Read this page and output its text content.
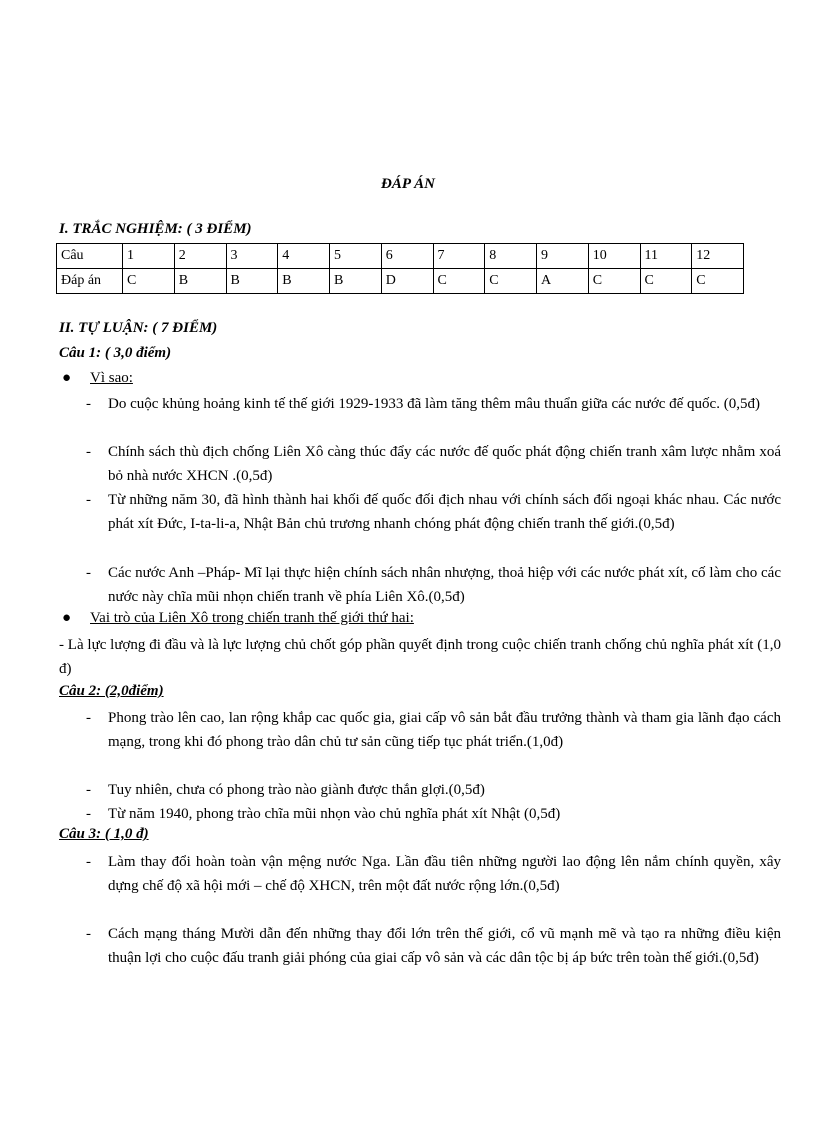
ĐÁP ÁN
I. TRẮC NGHIỆM: ( 3 ĐIỂM)
Câu	1	2	3	4	5	6	7	8	9	10	11	12
Đáp án	C	B	B	B	B	D	C	C	A	C	C	C
II. TỰ LUẬN: ( 7 ĐIỂM)
Câu 1: ( 3,0 điểm)
● Vì sao:
-	Do cuộc khủng hoảng kinh tế thế giới 1929-1933 đã làm tăng thêm mâu thuẩn giữa các nước đế quốc. (0,5đ)
-	Chính sách thù địch chống Liên Xô càng thúc đẩy các nước đế quốc phát động chiến tranh xâm lược nhằm xoá bỏ nhà nước XHCN .(0,5đ)
-	Từ những năm 30, đã hình thành hai khối đế quốc đối địch nhau với chính sách đối ngoại khác nhau. Các nước phát xít Đức, I-ta-li-a, Nhật Bản chủ trương nhanh chóng phát động chiến tranh thế giới.(0,5đ)
-	Các nước Anh –Pháp- Mĩ lại thực hiện chính sách nhân nhượng, thoả hiệp với các nước phát xít, cố làm cho các nước này chĩa mũi nhọn chiến tranh về phía Liên Xô.(0,5đ)
● Vai trò của Liên Xô trong chiến tranh thế giới thứ hai:
- Là lực lượng đi đầu và là lực lượng chủ chốt góp phần quyết định trong cuộc chiến tranh chống chủ nghĩa phát xít (1,0 đ)
Câu 2: (2,0điểm)
-	Phong trào lên cao, lan rộng khắp cac quốc gia, giai cấp vô sản bắt đầu trưởng thành và tham gia lãnh đạo cách mạng, trong khi đó phong trào dân chủ tư sản cũng tiếp tục phát triển.(1,0đ)
-	Tuy nhiên, chưa có phong trào nào giành được thắn glợi.(0,5đ)
-	Từ năm 1940, phong trào chĩa mũi nhọn vào chủ nghĩa phát xít Nhật (0,5đ)
Câu 3: ( 1,0 đ)
-	Làm thay đổi hoàn toàn vận mệng nước Nga. Lần đầu tiên những người lao động lên nắm chính quyền, xây dựng chế độ xã hội mới – chế độ XHCN, trên một đất nước rộng lớn.(0,5đ)
-	Cách mạng tháng Mười dẫn đến những thay đổi lớn trên thế giới, cổ vũ mạnh mẽ và tạo ra những điều kiện thuận lợi cho cuộc đấu tranh giải phóng của giai cấp vô sản và các dân tộc bị áp bức trên toàn thế giới.(0,5đ)
